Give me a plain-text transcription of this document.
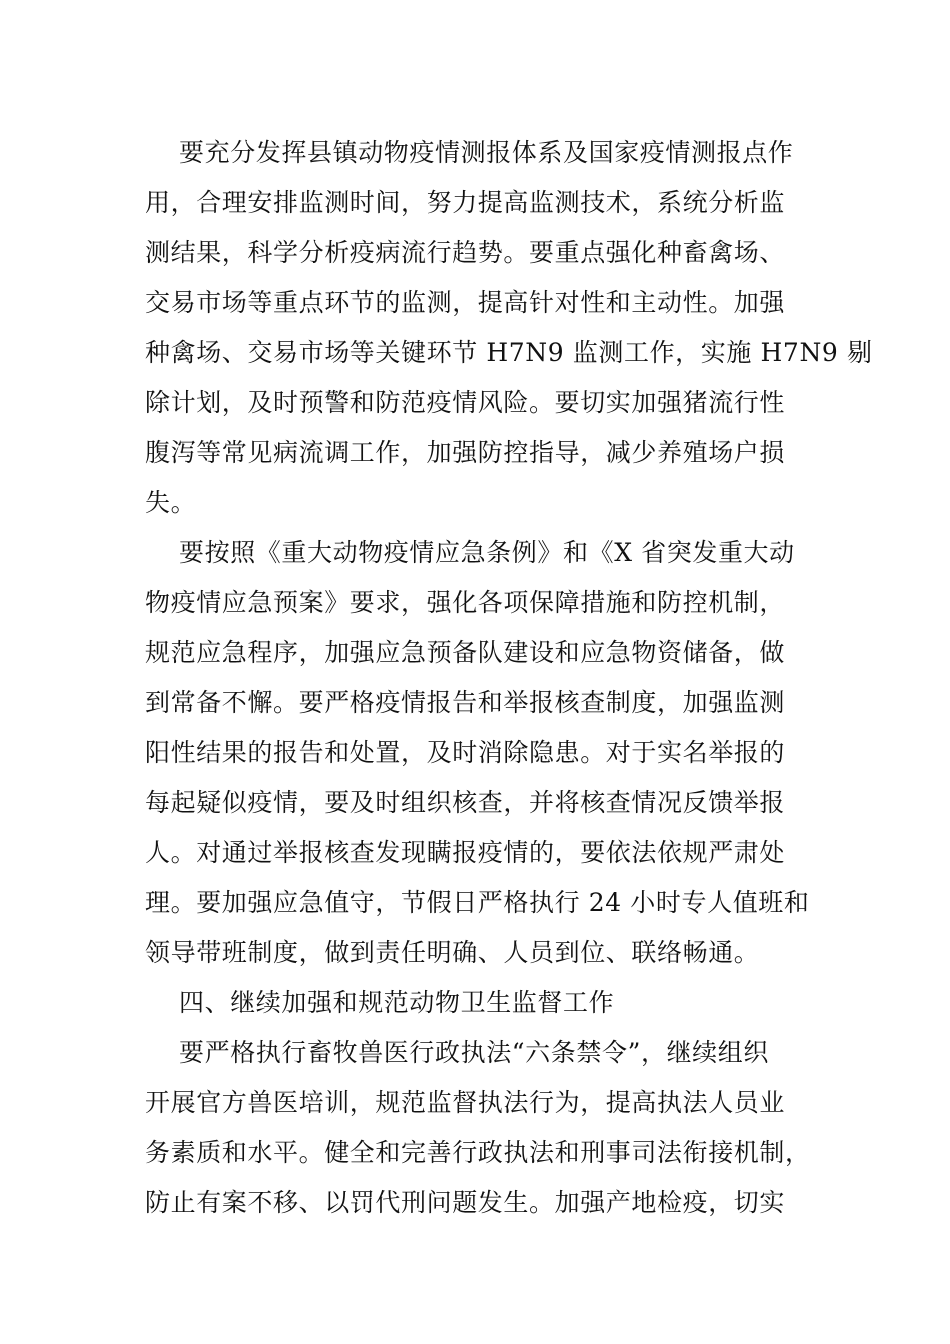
要充分发挥县镇动物疫情测报体系及国家疫情测报点作
用，合理安排监测时间，努力提高监测技术，系统分析监
测结果，科学分析疫病流行趋势。要重点强化种畜禽场、
交易市场等重点环节的监测，提高针对性和主动性。加强
种禽场、交易市场等关键环节 H7N9 监测工作，实施 H7N9 剔
除计划，及时预警和防范疫情风险。要切实加强猪流行性
腹泻等常见病流调工作，加强防控指导，减少养殖场户损
失。
要按照《重大动物疫情应急条例》和《X 省突发重大动
物疫情应急预案》要求，强化各项保障措施和防控机制，
规范应急程序，加强应急预备队建设和应急物资储备，做
到常备不懈。要严格疫情报告和举报核查制度，加强监测
阳性结果的报告和处置，及时消除隐患。对于实名举报的
每起疑似疫情，要及时组织核查，并将核查情况反馈举报
人。对通过举报核查发现瞒报疫情的，要依法依规严肃处
理。要加强应急值守，节假日严格执行 24 小时专人值班和
领导带班制度，做到责任明确、人员到位、联络畅通。
四、继续加强和规范动物卫生监督工作
要严格执行畜牧兽医行政执法“六条禁令”，继续组织
开展官方兽医培训，规范监督执法行为，提高执法人员业
务素质和水平。健全和完善行政执法和刑事司法衔接机制，
防止有案不移、以罚代刑问题发生。加强产地检疫，切实
